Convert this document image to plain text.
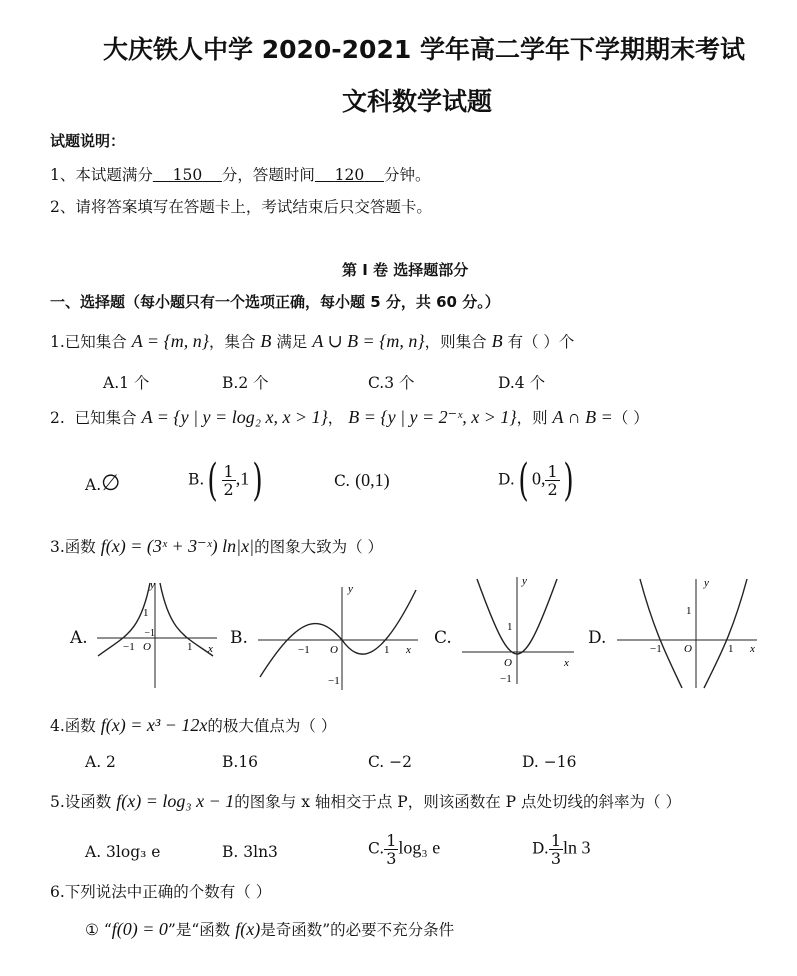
大庆铁人中学 2020-2021 学年高二学年下学期期末考试
文科数学试题
试题说明：
1、本试题满分 150 分，答题时间 120 分钟。
2、请将答案填写在答题卡上，考试结束后只交答题卡。
第 I 卷 选择题部分
一、选择题（每小题只有一个选项正确，每小题 5 分，共 60 分。）
1.已知集合 A = {m, n}，集合 B 满足 A ∪ B = {m, n}，则集合 B 有（ ）个
A.1 个	B.2 个	C.3 个	D.4 个
2. 已知集合 A = {y | y = log₂ x, x > 1}， B = {y | y = 2⁻ˣ, x > 1}，则 A ∩ B =（ ）
A.∅	$B.( \frac{1}{2} ,1)$	C. (0,1)	D.( 0, $\frac{1}{2}$ )
3.函数 f(x) = (3ˣ + 3⁻ˣ) ln|x|的图象大致为（ ）
A.	B.	C.	D.
−1
O
−1	1 x
1
y	y
−1 O	1 x
−1
y
1
O
−1
x
y
1
−1 O	1 x
4.函数 f(x) = x³ − 12x的极大值点为（ ）
A. 2	B.16	C. −2	D. −16
5.设函数 f(x) = log₃ x − 1的图象与 x 轴相交于点 P，则该函数在 P 点处切线的斜率为（ ）
A. 3log₃ e	B. 3ln3	C. $\frac{1}{3} \log_3$ e	D. $\frac{1}{3}$ ln 3
6.下列说法中正确的个数有（ ）
① “f(0) = 0”是“函数 f(x)是奇函数”的必要不充分条件
